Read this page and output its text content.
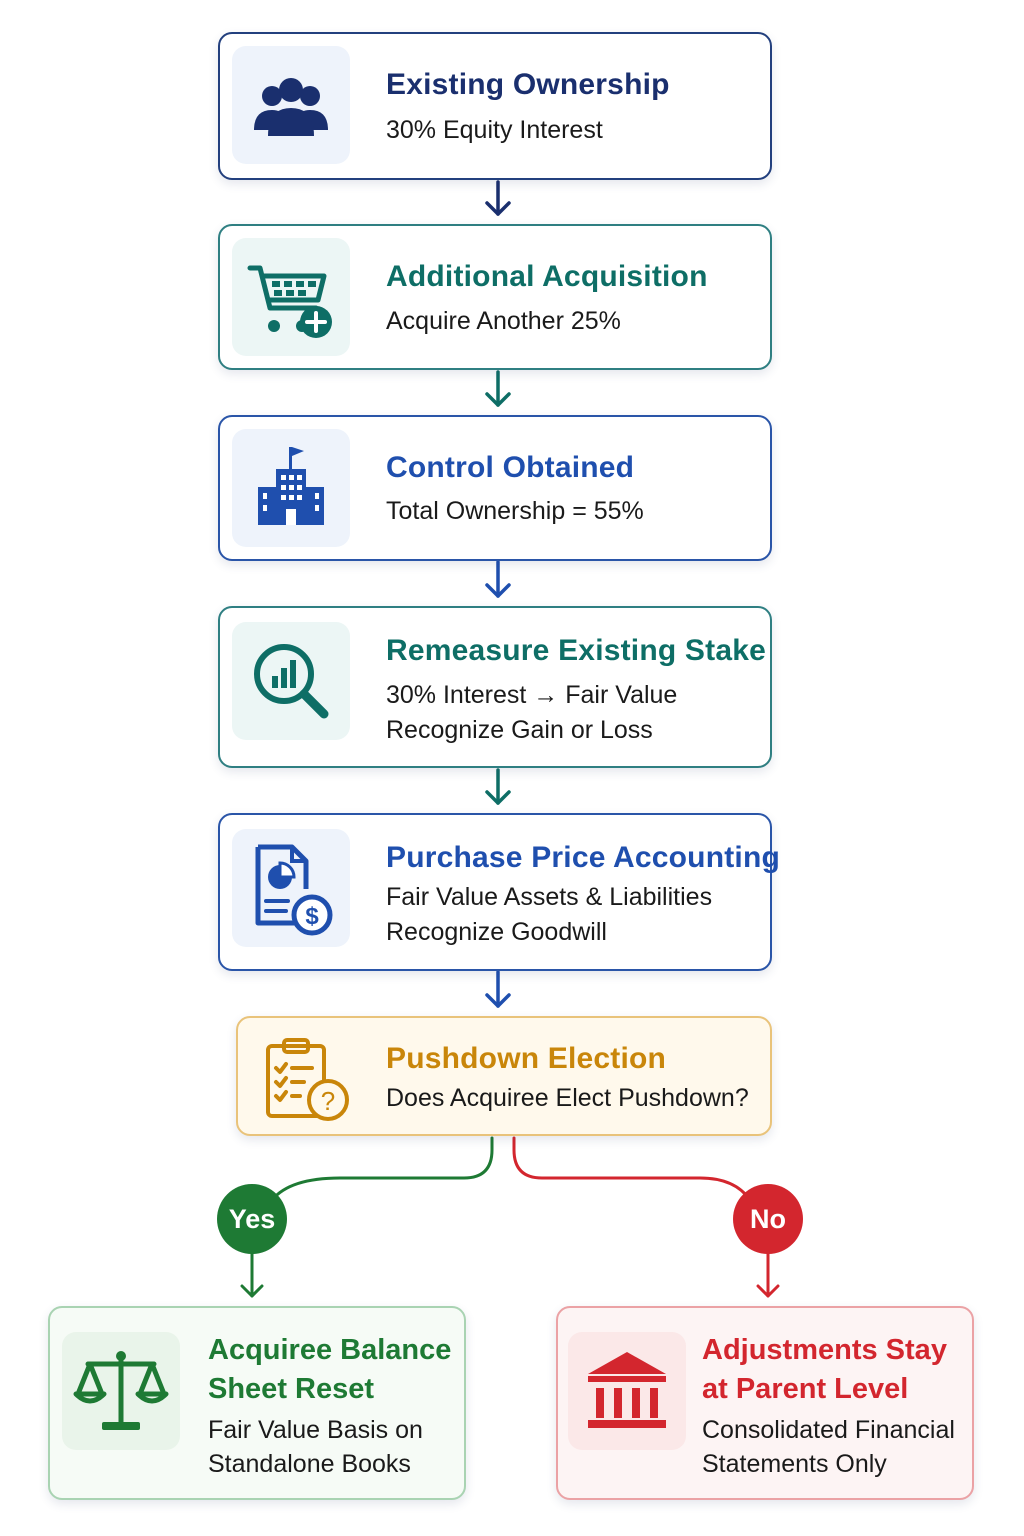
Existing Ownership
30% Equity Interest
Additional Acquisition
Acquire Another 25%
Control Obtained
Total Ownership = 55%
Remeasure Existing Stake
30% Interest → Fair Value
Recognize Gain or Loss
$
Purchase Price Accounting
Fair Value Assets & Liabilities
Recognize Goodwill
?
Pushdown Election
Does Acquiree Elect Pushdown?
Yes	No
Acquiree Balance
Sheet Reset
Fair Value Basis on
Standalone Books
Adjustments Stay
at Parent Level
Consolidated Financial
Statements Only
